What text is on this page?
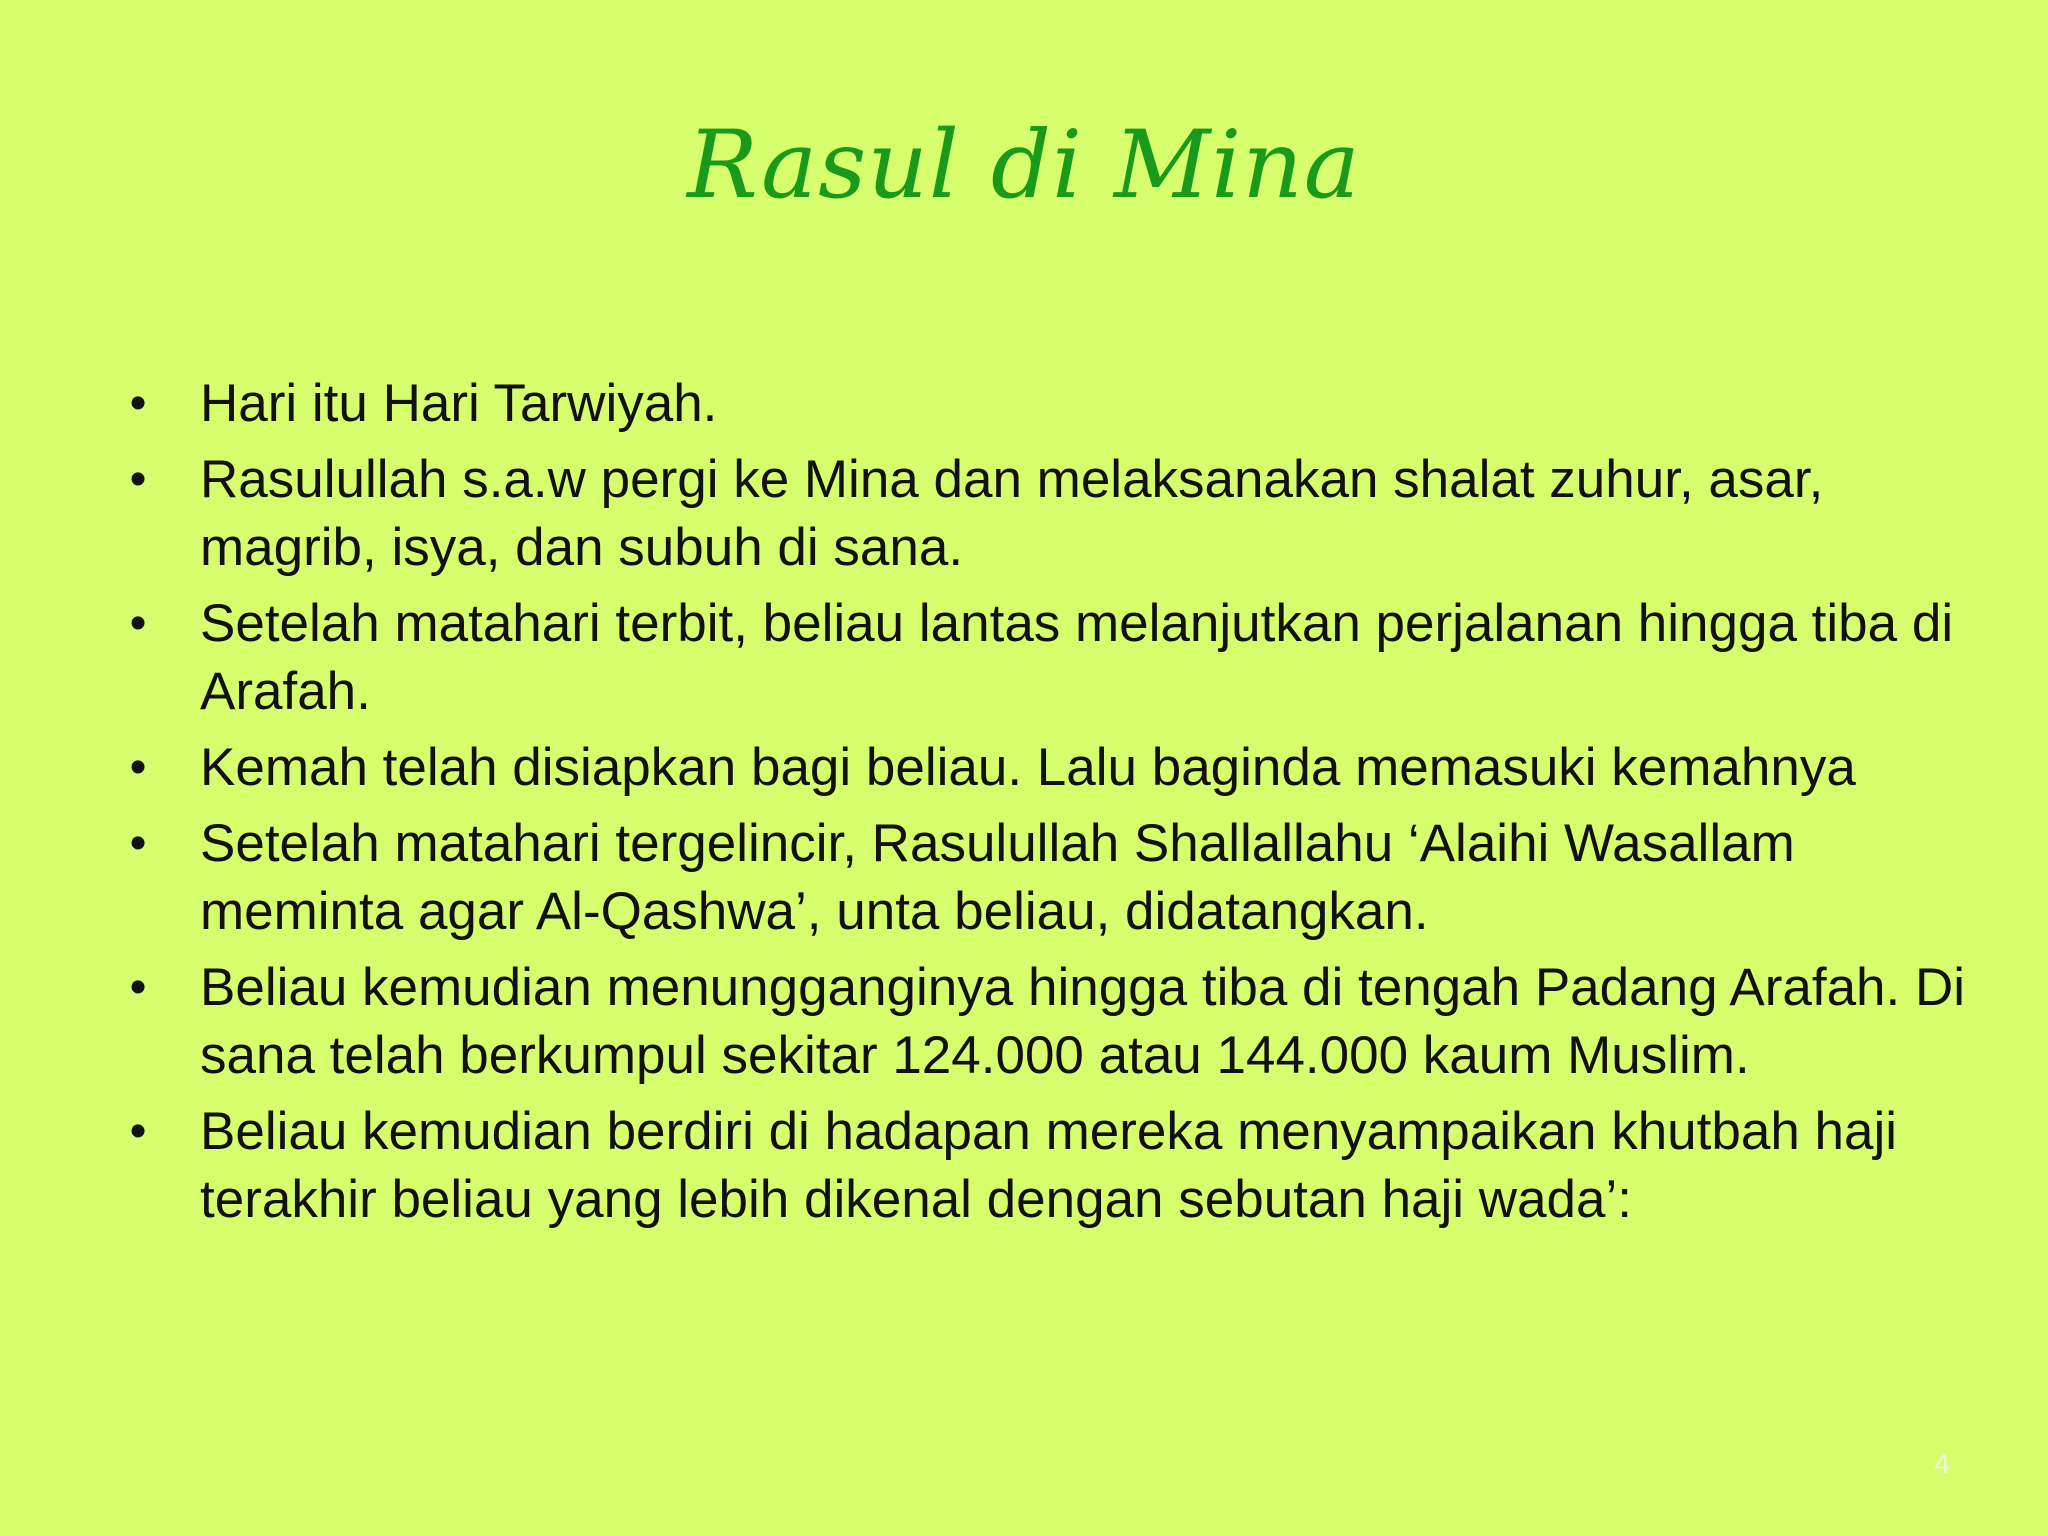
Rasul di Mina
• Hari itu Hari Tarwiyah.
• Rasulullah s.a.w pergi ke Mina dan melaksanakan shalat zuhur, asar, magrib, isya, dan subuh di sana.
• Setelah matahari terbit, beliau lantas melanjutkan perjalanan hingga tiba di Arafah.
• Kemah telah disiapkan bagi beliau. Lalu baginda memasuki kemahnya
• Setelah matahari tergelincir, Rasulullah Shallallahu ‘Alaihi Wasallam meminta agar Al-Qashwa’, unta beliau, didatangkan.
• Beliau kemudian menungganginya hingga tiba di tengah Padang Arafah. Di sana telah berkumpul sekitar 124.000 atau 144.000 kaum Muslim.
• Beliau kemudian berdiri di hadapan mereka menyampaikan khutbah haji terakhir beliau yang lebih dikenal dengan sebutan haji wada’:
4
